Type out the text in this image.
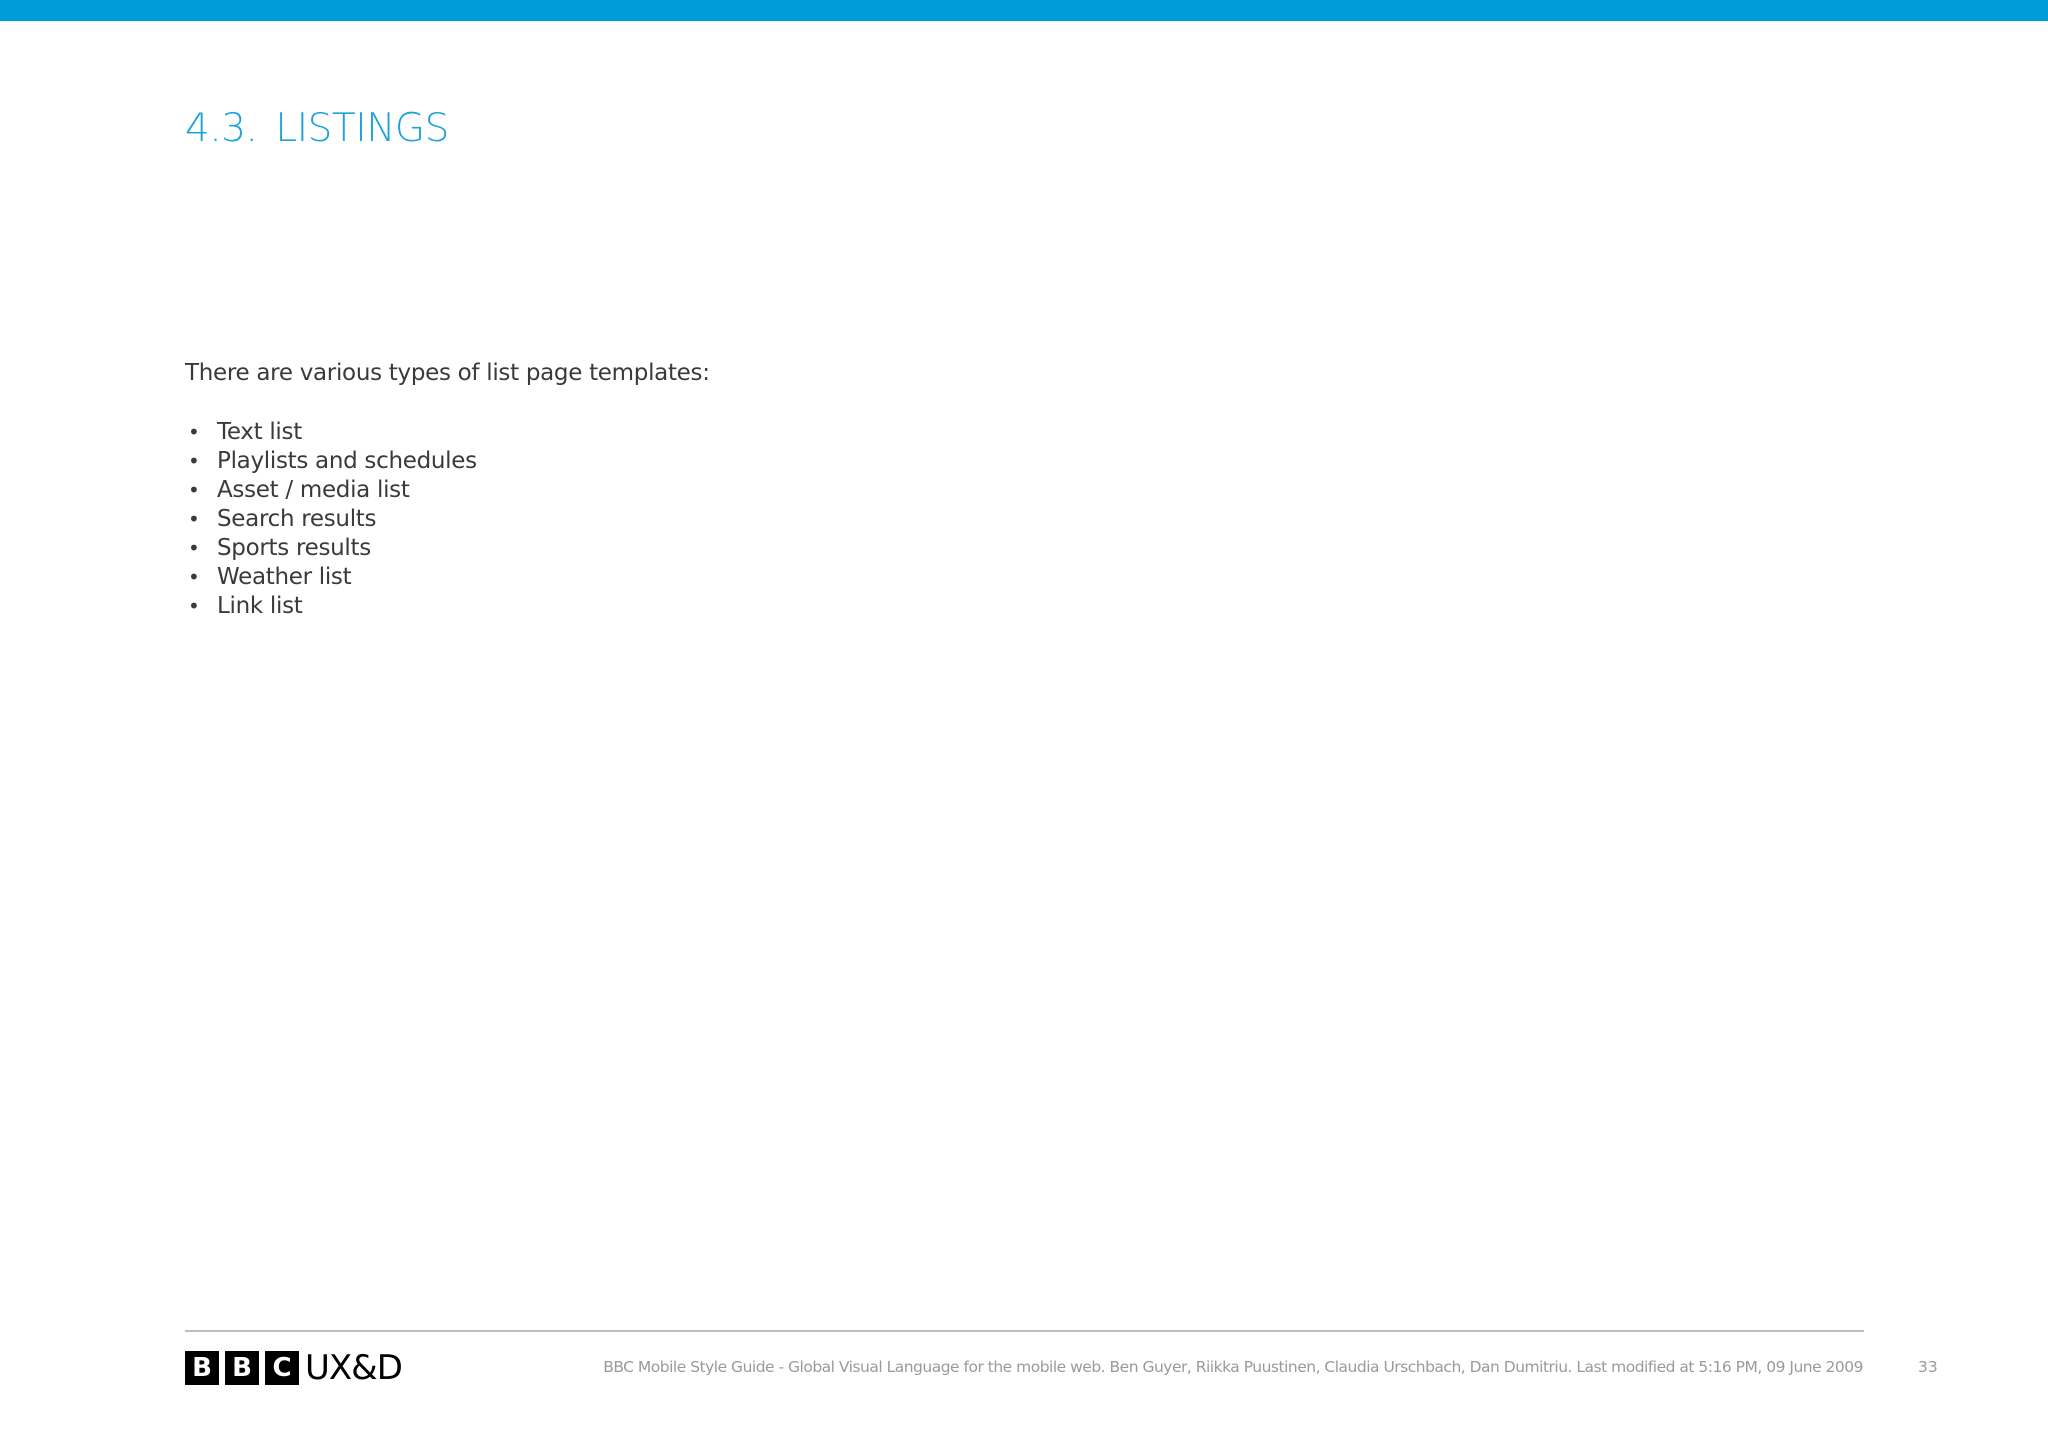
4.3. LISTINGS

There are various types of list page templates:

• Text list
• Playlists and schedules
• Asset / media list
• Search results
• Sports results
• Weather list
• Link list
B B C UX&D	BBC Mobile Style Guide - Global Visual Language for the mobile web. Ben Guyer, Riikka Puustinen, Claudia Urschbach, Dan Dumitriu. Last modified at 5:16 PM, 09 June 2009	33
